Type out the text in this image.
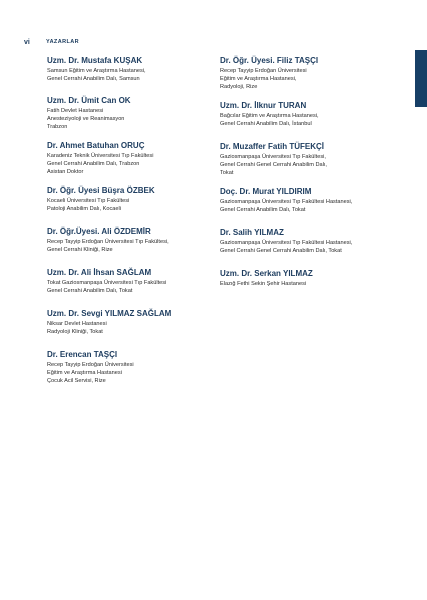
vi	YAZARLAR
Uzm. Dr. Mustafa KUŞAK
Samsun Eğitim ve Araştırma Hastanesi,
Genel Cerrahi Anabilim Dalı, Samsun
Uzm. Dr. Ümit Can OK
Fatih Devlet Hastanesi
Anesteziyoloji ve Reanimasyon
Trabzon
Dr. Ahmet Batuhan ORUÇ
Karadeniz Teknik Üniversitesi Tıp Fakültesi
Genel Cerrahi Anabilim Dalı, Trabzon
Asistan Doktor
Dr. Öğr. Üyesi Büşra ÖZBEK
Kocaeli Üniversitesi Tıp Fakültesi
Patoloji Anabilim Dalı, Kocaeli
Dr. Öğr.Üyesi. Ali ÖZDEMİR
Recep Tayyip Erdoğan Üniversitesi Tıp Fakültesi,
Genel Cerrahi Kliniği, Rize
Uzm. Dr. Ali İhsan SAĞLAM
Tokat Gaziosmanpaşa Üniversitesi Tıp Fakültesi
Genel Cerrahi Anabilim Dalı, Tokat
Uzm. Dr. Sevgi YILMAZ SAĞLAM
Niksar Devlet Hastanesi
Radyoloji Kliniği, Tokat
Dr. Erencan TAŞÇI
Recep Tayyip Erdoğan Üniversitesi
Eğitim ve Araştırma Hastanesi
Çocuk Acil Servisi, Rize
Dr. Öğr. Üyesi. Filiz TAŞÇI
Recep Tayyip Erdoğan Üniversitesi
Eğitim ve Araştırma Hastanesi,
Radyoloji, Rize
Uzm. Dr. İlknur TURAN
Bağcılar Eğitim ve Araştırma Hastanesi,
Genel Cerrahi Anabilim Dalı, İstanbul
Dr. Muzaffer Fatih TÜFEKÇİ
Gaziosmanpaşa Üniversitesi Tıp Fakültesi,
Genel Cerrahi Genel Cerrahi Anabilim Dalı,
Tokat
Doç. Dr. Murat YILDIRIM
Gaziosmanpaşa Üniversitesi Tıp Fakültesi Hastanesi,
Genel Cerrahi Anabilim Dalı, Tokat
Dr. Salih YILMAZ
Gaziosmanpaşa Üniversitesi Tıp Fakültesi Hastanesi,
Genel Cerrahi Genel Cerrahi Anabilim Dalı, Tokat
Uzm. Dr. Serkan YILMAZ
Elazığ Fethi Sekin Şehir Hastanesi
